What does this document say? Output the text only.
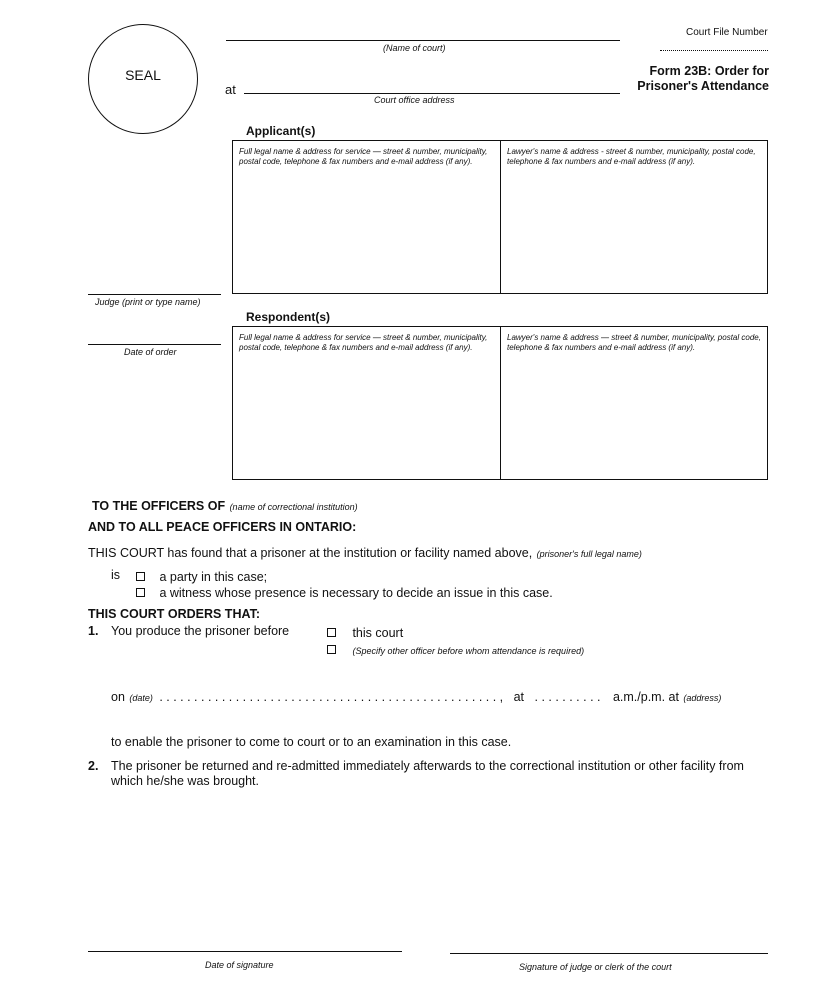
SEAL
(Name of court)
at
Court office address
Court File Number
Form 23B: Order for
Prisoner's Attendance
Applicant(s)
Full legal name & address for service — street & number, municipality, postal code, telephone & fax numbers and e-mail address (if any).
Lawyer's name & address - street & number, municipality, postal code, telephone & fax numbers and e-mail address (if any).
Judge (print or type name)
Respondent(s)
Full legal name & address for service — street & number, municipality, postal code, telephone & fax numbers and e-mail address (if any).
Lawyer's name & address — street & number, municipality, postal code, telephone & fax numbers and e-mail address (if any).
Date of order
TO THE OFFICERS OF (name of correctional institution)
AND TO ALL PEACE OFFICERS IN ONTARIO:
THIS COURT has found that a prisoner at the institution or facility named above, (prisoner's full legal name)
is	a party in this case;
a witness whose presence is necessary to decide an issue in this case.
THIS COURT ORDERS THAT:
1. You produce the prisoner before	this court
(Specify other officer before whom attendance is required)
on (date) . . . . . . . . . . . . . . . . . . . . . . . . . . . . . . . . . . . . . . . . . . . . . . . . . , at . . . . . . . . . . a.m./p.m. at (address)
to enable the prisoner to come to court or to an examination in this case.
2. The prisoner be returned and re-admitted immediately afterwards to the correctional institution or other facility from
which he/she was brought.
Date of signature	Signature of judge or clerk of the court
